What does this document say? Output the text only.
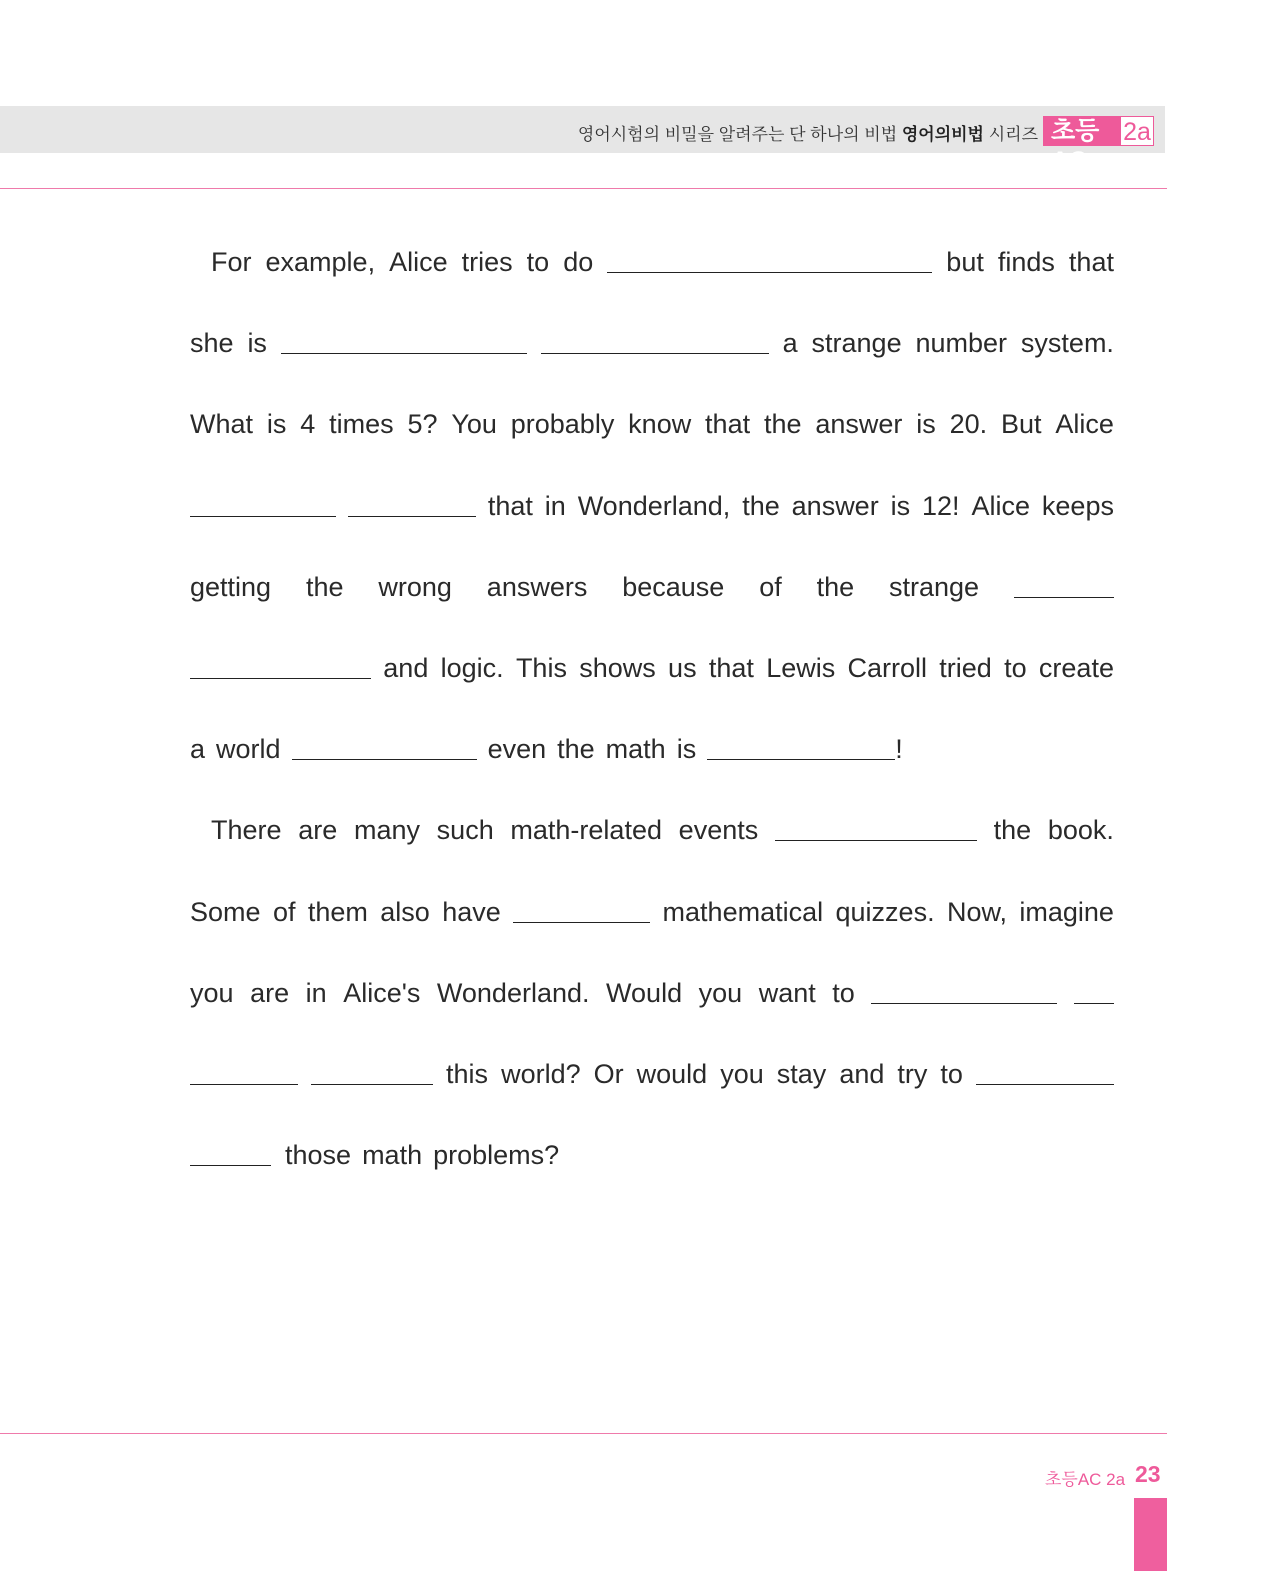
영어시험의 비밀을 알려주는 단 하나의 비법 영어의비법 시리즈 초등AC
2a
For example, Alice tries to do	but finds that
she is	a strange number system.
What is 4 times 5? You probably know that the answer is 20. But Alice
that in Wonderland, the answer is 12! Alice keeps
getting the wrong answers because of the strange
and logic. This shows us that Lewis Carroll tried to create
a world	even the math is	!
There are many such math-related events	the book.
Some of them also have	mathematical quizzes. Now, imagine
you are in Alice's Wonderland. Would you want to
this world? Or would you stay and try to
those math problems?
초등AC 2a 23
